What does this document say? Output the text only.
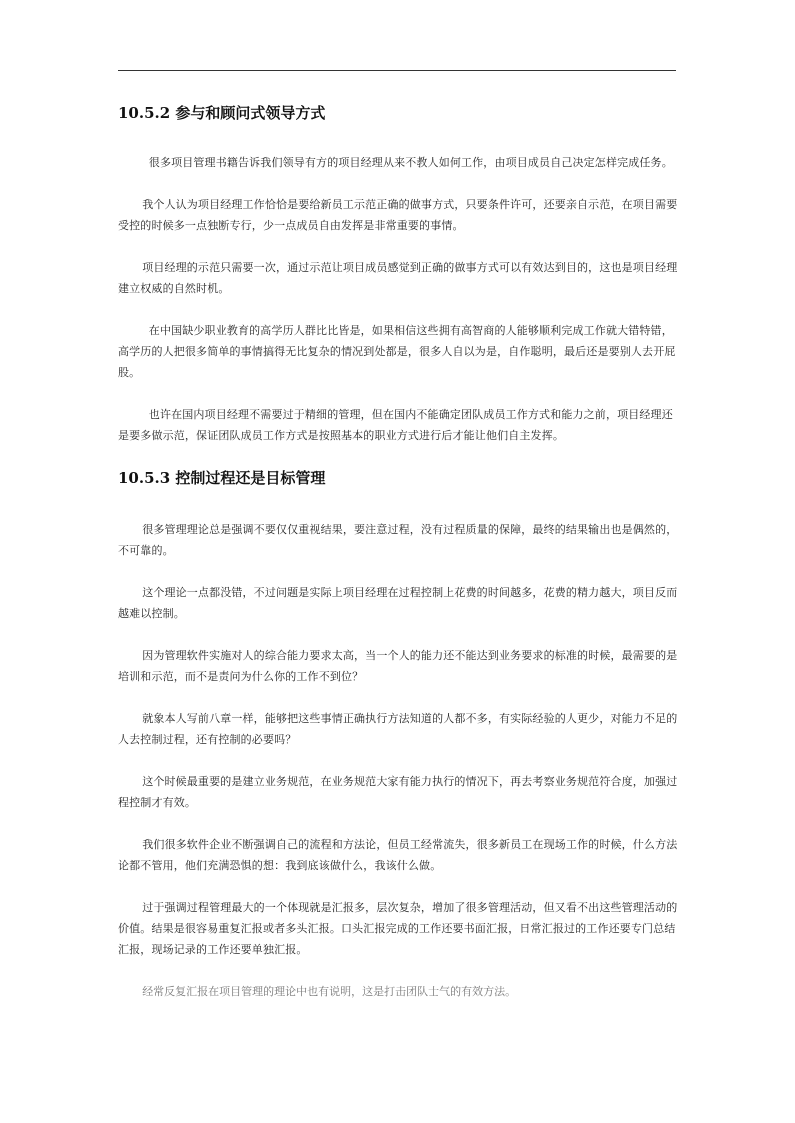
10.5.2 参与和顾问式领导方式

很多项目管理书籍告诉我们领导有方的项目经理从来不教人如何工作，由项目成员自己决定怎样完成任务。

我个人认为项目经理工作恰恰是要给新员工示范正确的做事方式，只要条件许可，还要亲自示范，在项目需要受控的时候多一点独断专行，少一点成员自由发挥是非常重要的事情。

项目经理的示范只需要一次，通过示范让项目成员感觉到正确的做事方式可以有效达到目的，这也是项目经理建立权威的自然时机。

在中国缺少职业教育的高学历人群比比皆是，如果相信这些拥有高智商的人能够顺利完成工作就大错特错，高学历的人把很多简单的事情搞得无比复杂的情况到处都是，很多人自以为是，自作聪明，最后还是要别人去开屁股。

也许在国内项目经理不需要过于精细的管理，但在国内不能确定团队成员工作方式和能力之前，项目经理还是要多做示范，保证团队成员工作方式是按照基本的职业方式进行后才能让他们自主发挥。

10.5.3 控制过程还是目标管理

很多管理理论总是强调不要仅仅重视结果，要注意过程，没有过程质量的保障，最终的结果输出也是偶然的，不可靠的。

这个理论一点都没错，不过问题是实际上项目经理在过程控制上花费的时间越多，花费的精力越大，项目反而越难以控制。

因为管理软件实施对人的综合能力要求太高，当一个人的能力还不能达到业务要求的标准的时候，最需要的是培训和示范，而不是责问为什么你的工作不到位？

就象本人写前八章一样，能够把这些事情正确执行方法知道的人都不多，有实际经验的人更少，对能力不足的人去控制过程，还有控制的必要吗？

这个时候最重要的是建立业务规范，在业务规范大家有能力执行的情况下，再去考察业务规范符合度，加强过程控制才有效。

我们很多软件企业不断强调自己的流程和方法论，但员工经常流失，很多新员工在现场工作的时候，什么方法论都不管用，他们充满恐惧的想：我到底该做什么，我该什么做。

过于强调过程管理最大的一个体现就是汇报多，层次复杂，增加了很多管理活动，但又看不出这些管理活动的价值。结果是很容易重复汇报或者多头汇报。口头汇报完成的工作还要书面汇报，日常汇报过的工作还要专门总结汇报，现场记录的工作还要单独汇报。

经常反复汇报在项目管理的理论中也有说明，这是打击团队士气的有效方法。
